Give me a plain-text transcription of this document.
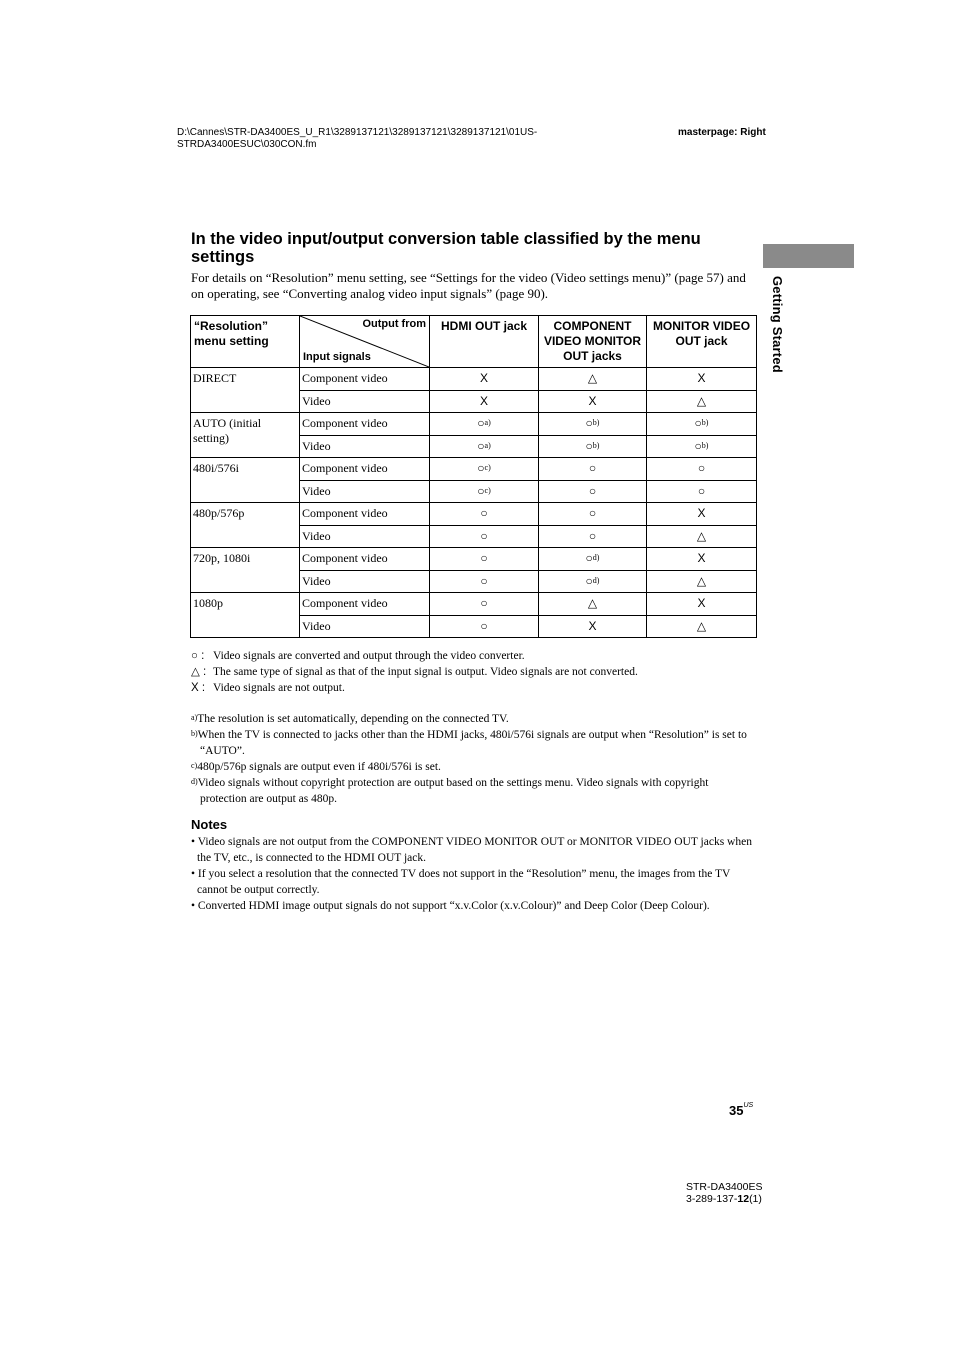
D:\Cannes\STR-DA3400ES_U_R1\3289137121\3289137121\3289137121\01US-
STRDA3400ESUC\030CON.fm
masterpage: Right
Getting Started
In the video input/output conversion table classified by the menu settings

For details on “Resolution” menu setting, see “Settings for the video (Video settings menu)” (page 57) and on operating, see “Converting analog video input signals” (page 90).

“Resolution” menu setting	Output from
Input signals	HDMI OUT jack	COMPONENT VIDEO MONITOR OUT jacks	MONITOR VIDEO OUT jack
DIRECT	Component video	X	△	X
	Video	X	X	△
AUTO (initial setting)	Component video	○$^{a)}$	○$^{b)}$	○$^{b)}$
	Video	○$^{a)}$	○$^{b)}$	○$^{b)}$
480i/576i	Component video	○$^{c)}$	○	○
	Video	○$^{c)}$	○	○
480p/576p	Component video	○	○	X
	Video	○	○	△
720p, 1080i	Component video	○	○$^{d)}$	X
	Video	○	○$^{d)}$	△
1080p	Component video	○	△	X
	Video	○	X	△
○ : Video signals are converted and output through the video converter.
△ : The same type of signal as that of the input signal is output. Video signals are not converted.
X : Video signals are not output.
$^{a)}$The resolution is set automatically, depending on the connected TV.
$^{b)}$When the TV is connected to jacks other than the HDMI jacks, 480i/576i signals are output when “Resolution” is set to “AUTO”.
$^{c)}$480p/576p signals are output even if 480i/576i is set.
$^{d)}$Video signals without copyright protection are output based on the settings menu. Video signals with copyright protection are output as 480p.
Notes
• Video signals are not output from the COMPONENT VIDEO MONITOR OUT or MONITOR VIDEO OUT jacks when the TV, etc., is connected to the HDMI OUT jack.
• If you select a resolution that the connected TV does not support in the “Resolution” menu, the images from the TV cannot be output correctly.
• Converted HDMI image output signals do not support “x.v.Color (x.v.Colour)” and Deep Color (Deep Colour).
$35^{US}$
STR-DA3400ES
3-289-137-12(1)
